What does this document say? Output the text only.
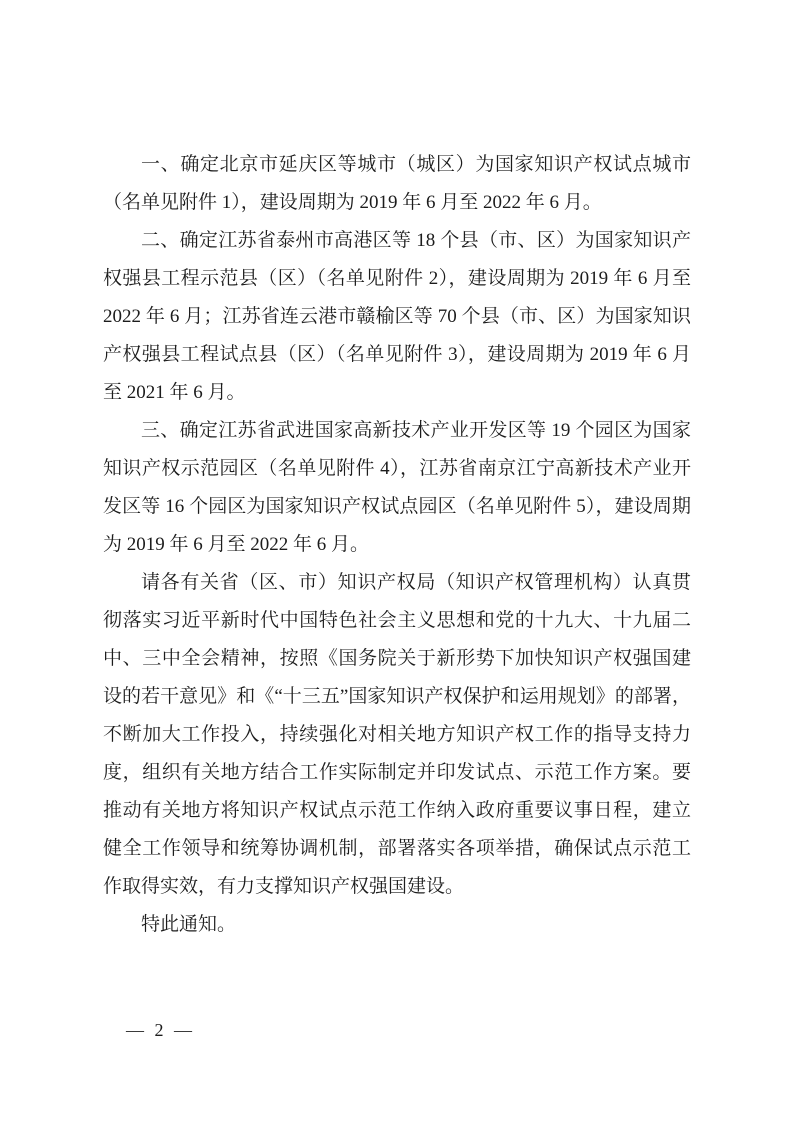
一、确定北京市延庆区等城市（城区）为国家知识产权试点城市（名单见附件 1），建设周期为 2019 年 6 月至 2022 年 6 月。

二、确定江苏省泰州市高港区等 18 个县（市、区）为国家知识产权强县工程示范县（区）（名单见附件 2），建设周期为 2019 年 6 月至 2022 年 6 月；江苏省连云港市赣榆区等 70 个县（市、区）为国家知识产权强县工程试点县（区）（名单见附件 3），建设周期为 2019 年 6 月至 2021 年 6 月。

三、确定江苏省武进国家高新技术产业开发区等 19 个园区为国家知识产权示范园区（名单见附件 4），江苏省南京江宁高新技术产业开发区等 16 个园区为国家知识产权试点园区（名单见附件 5），建设周期为 2019 年 6 月至 2022 年 6 月。

请各有关省（区、市）知识产权局（知识产权管理机构）认真贯彻落实习近平新时代中国特色社会主义思想和党的十九大、十九届二中、三中全会精神，按照《国务院关于新形势下加快知识产权强国建设的若干意见》和《“十三五”国家知识产权保护和运用规划》的部署，不断加大工作投入，持续强化对相关地方知识产权工作的指导支持力度，组织有关地方结合工作实际制定并印发试点、示范工作方案。要推动有关地方将知识产权试点示范工作纳入政府重要议事日程，建立健全工作领导和统筹协调机制，部署落实各项举措，确保试点示范工作取得实效，有力支撑知识产权强国建设。

特此通知。

— 2 —
